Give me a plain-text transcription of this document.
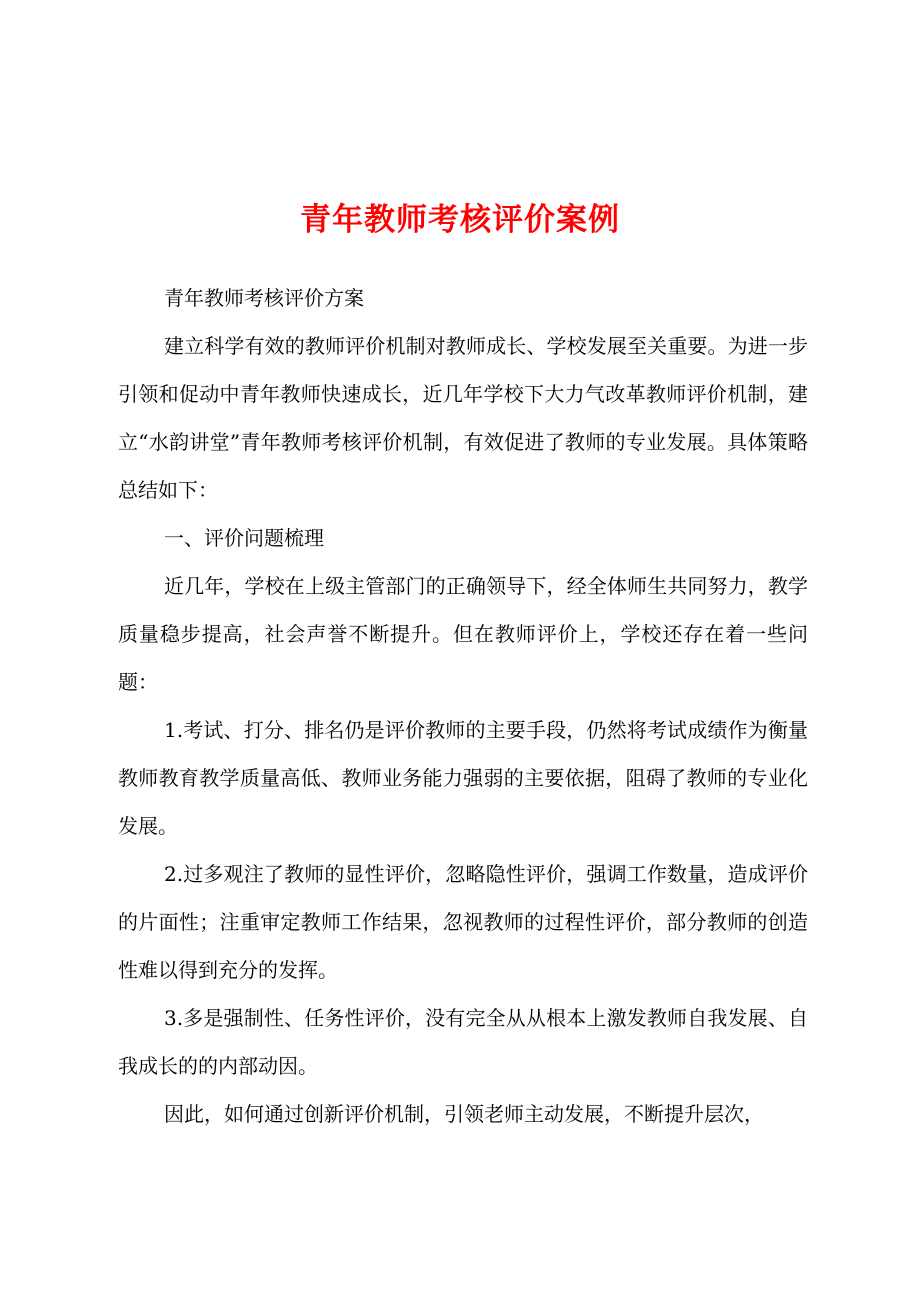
青年教师考核评价案例

青年教师考核评价方案

建立科学有效的教师评价机制对教师成长、学校发展至关重要。为进一步引领和促动中青年教师快速成长，近几年学校下大力气改革教师评价机制，建立“水韵讲堂”青年教师考核评价机制，有效促进了教师的专业发展。具体策略总结如下：

一、评价问题梳理

近几年，学校在上级主管部门的正确领导下，经全体师生共同努力，教学质量稳步提高，社会声誉不断提升。但在教师评价上，学校还存在着一些问题：

1.考试、打分、排名仍是评价教师的主要手段，仍然将考试成绩作为衡量教师教育教学质量高低、教师业务能力强弱的主要依据，阻碍了教师的专业化发展。

2.过多观注了教师的显性评价，忽略隐性评价，强调工作数量，造成评价的片面性；注重审定教师工作结果，忽视教师的过程性评价，部分教师的创造性难以得到充分的发挥。

3.多是强制性、任务性评价，没有完全从从根本上激发教师自我发展、自我成长的的内部动因。

因此，如何通过创新评价机制，引领老师主动发展，不断提升层次，
